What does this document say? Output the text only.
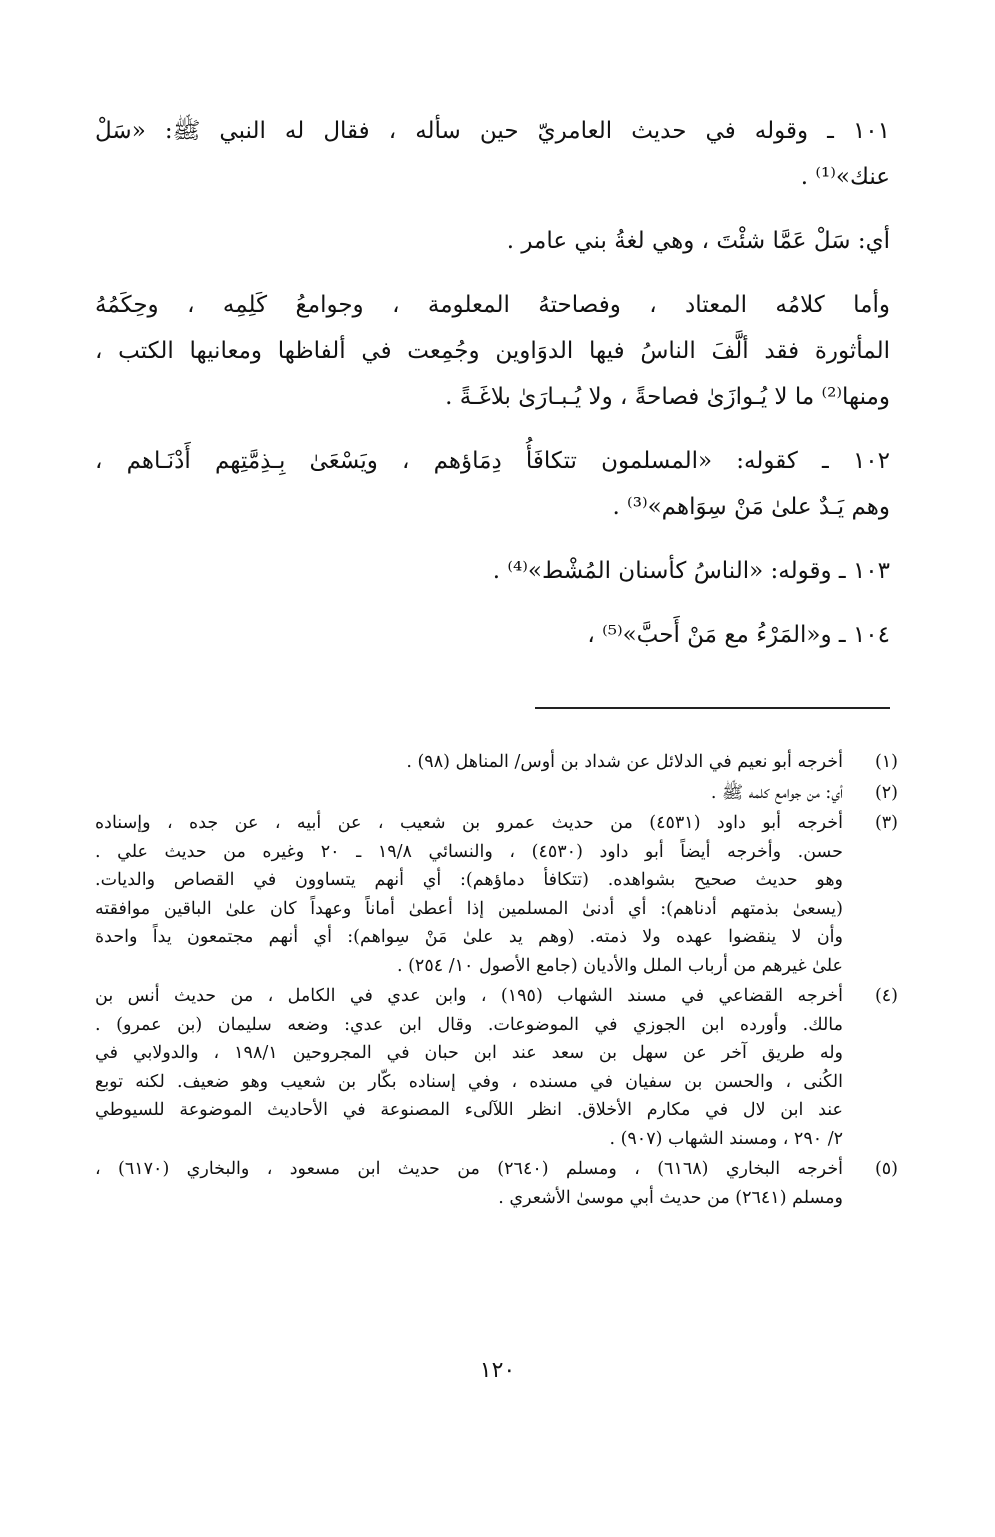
١٠١ ـ وقوله في حديث العامريّ حين سأله ، فقال له النبي ﷺ: «سَلْ
عنك»⁽¹⁾ .

أي: سَلْ عَمَّا شئْتَ ، وهي لغةُ بني عامر .

وأما كلامُه المعتاد ، وفصاحتهُ المعلومة ، وجوامعُ كَلِمِه ، وحِكَمُهُ
المأثورة فقد ألَّفَ الناسُ فيها الدوَاوين وجُمِعت في ألفاظها ومعانيها الكتب ،
ومنها⁽²⁾ ما لا يُـوازَىٰ فصاحةً ، ولا يُـبـارَىٰ بلاغَـةً .

١٠٢ ـ كقوله: «المسلمون تتكافَأُ دِمَاؤهم ، ويَسْعَىٰ بِـذِمَّتِهم أَدْنَـاهم ،
وهم يَـدٌ علىٰ مَنْ سِوَاهم»⁽³⁾ .

١٠٣ ـ وقوله: «الناسُ كأسنان المُشْط»⁽⁴⁾ .

١٠٤ ـ و«المَرْءُ مع مَنْ أَحبَّ»⁽⁵⁾ ،

(١)
أخرجه أبو نعيم في الدلائل عن شداد بن أوس/ المناهل (٩٨) .
(٢)
أي: من جوامع كلمه ﷺ .
(٣)
أخرجه أبو داود (٤٥٣١) من حديث عمرو بن شعيب ، عن أبيه ، عن جده ، وإسناده
حسن. وأخرجه أيضاً أبو داود (٤٥٣٠) ، والنسائي ١٩/٨ ـ ٢٠ وغيره من حديث علي .
وهو حديث صحيح بشواهده. (تتكافأ دماؤهم): أي أنهم يتساوون في القصاص والديات.
(يسعىٰ بذمتهم أدناهم): أي أدنىٰ المسلمين إذا أعطىٰ أماناً وعهداً كان علىٰ الباقين موافقته
وأن لا ينقضوا عهده ولا ذمته. (وهم يد علىٰ مَنْ سِواهم): أي أنهم مجتمعون يداً واحدة
علىٰ غيرهم من أرباب الملل والأديان (جامع الأصول ١٠/ ٢٥٤) .
(٤)
أخرجه القضاعي في مسند الشهاب (١٩٥) ، وابن عدي في الكامل ، من حديث أنس بن
مالك. وأورده ابن الجوزي في الموضوعات. وقال ابن عدي: وضعه سليمان (بن عمرو) .
وله طريق آخر عن سهل بن سعد عند ابن حبان في المجروحين ١٩٨/١ ، والدولابي في
الكُنى ، والحسن بن سفيان في مسنده ، وفي إسناده بكّار بن شعيب وهو ضعيف. لكنه توبع
عند ابن لال في مكارم الأخلاق. انظر اللآلىء المصنوعة في الأحاديث الموضوعة للسيوطي
٢/ ٢٩٠ ، ومسند الشهاب (٩٠٧) .
(٥)
أخرجه البخاري (٦١٦٨) ، ومسلم (٢٦٤٠) من حديث ابن مسعود ، والبخاري (٦١٧٠) ،
ومسلم (٢٦٤١) من حديث أبي موسىٰ الأشعري .
١٢٠
